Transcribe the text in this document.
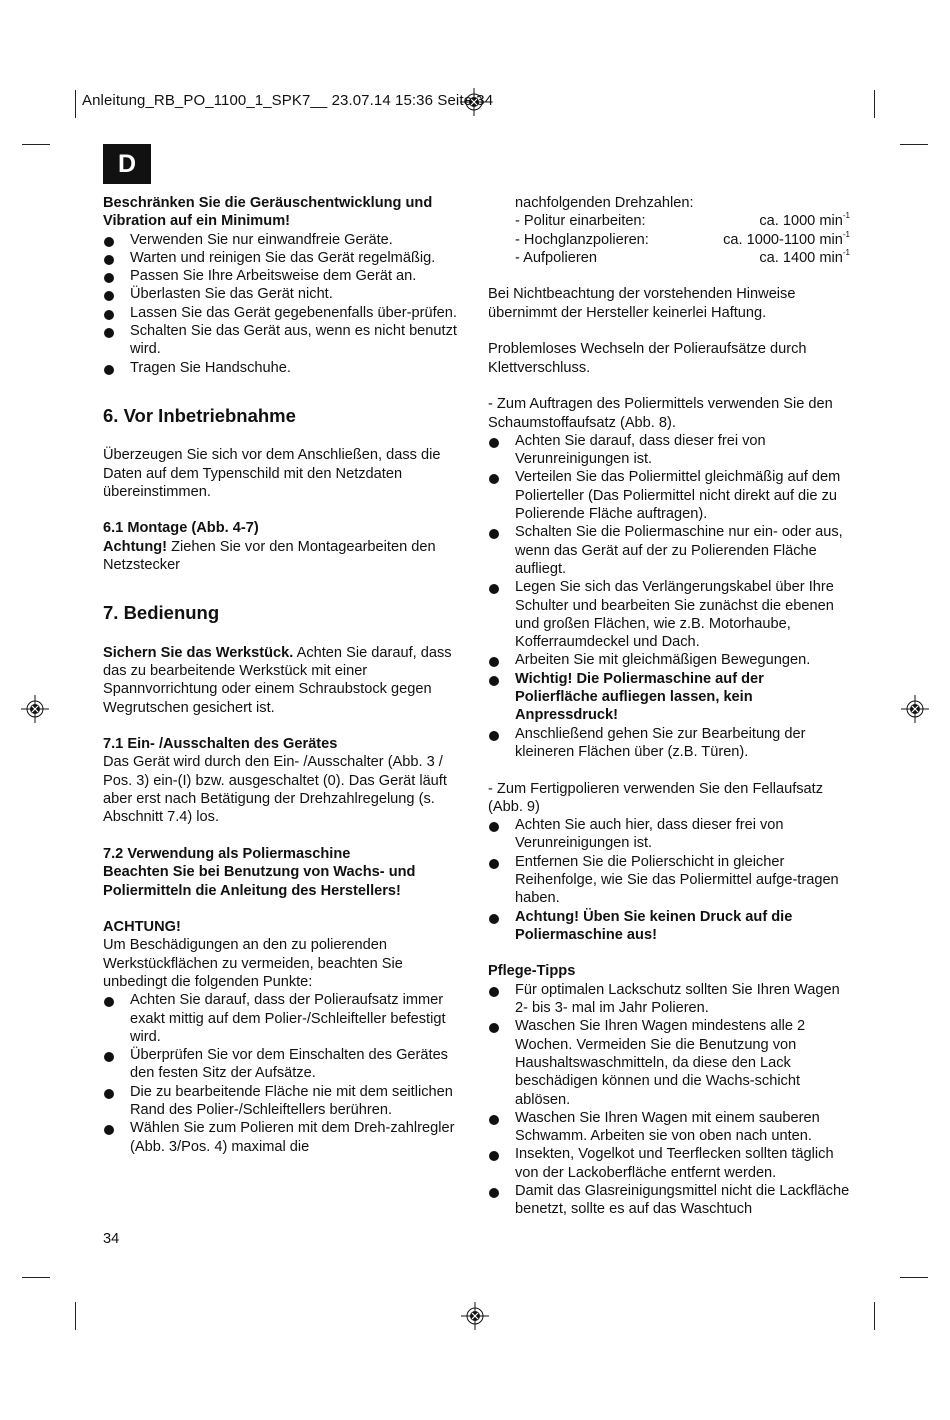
Anleitung_RB_PO_1100_1_SPK7__ 23.07.14 15:36 Seite 34
D

Beschränken Sie die Geräuschentwicklung und Vibration auf ein Minimum!

Verwenden Sie nur einwandfreie Geräte.
Warten und reinigen Sie das Gerät regelmäßig.
Passen Sie Ihre Arbeitsweise dem Gerät an.
Überlasten Sie das Gerät nicht.
Lassen Sie das Gerät gegebenenfalls über-prüfen.
Schalten Sie das Gerät aus, wenn es nicht benutzt wird.
Tragen Sie Handschuhe.
6. Vor Inbetriebnahme

Überzeugen Sie sich vor dem Anschließen, dass die Daten auf dem Typenschild mit den Netzdaten übereinstimmen.

6.1 Montage (Abb. 4-7)

Achtung! Ziehen Sie vor den Montagearbeiten den Netzstecker

7. Bedienung

Sichern Sie das Werkstück. Achten Sie darauf, dass das zu bearbeitende Werkstück mit einer Spannvorrichtung oder einem Schraubstock gegen Wegrutschen gesichert ist.

7.1 Ein- /Ausschalten des Gerätes

Das Gerät wird durch den Ein- /Ausschalter (Abb. 3 / Pos. 3) ein-(I) bzw. ausgeschaltet (0). Das Gerät läuft aber erst nach Betätigung der Drehzahlregelung (s. Abschnitt 7.4) los.

7.2 Verwendung als Poliermaschine

Beachten Sie bei Benutzung von Wachs- und Poliermitteln die Anleitung des Herstellers!

ACHTUNG!

Um Beschädigungen an den zu polierenden Werkstückflächen zu vermeiden, beachten Sie unbedingt die folgenden Punkte:

Achten Sie darauf, dass der Polieraufsatz immer exakt mittig auf dem Polier-/Schleifteller befestigt wird.
Überprüfen Sie vor dem Einschalten des Gerätes den festen Sitz der Aufsätze.
Die zu bearbeitende Fläche nie mit dem seitlichen Rand des Polier-/Schleiftellers berühren.
Wählen Sie zum Polieren mit dem Dreh-zahlregler (Abb. 3/Pos. 4) maximal die

nachfolgenden Drehzahlen:

- Politur einarbeiten:	ca. 1000 $\min^{-1}$
- Hochglanzpolieren:	ca. 1000-1100 $\min^{-1}$
- Aufpolieren	ca. 1400 $\min^{-1}$

Bei Nichtbeachtung der vorstehenden Hinweise übernimmt der Hersteller keinerlei Haftung.

Problemloses Wechseln der Polieraufsätze durch Klettverschluss.

- Zum Auftragen des Poliermittels verwenden Sie den Schaumstoffaufsatz (Abb. 8).

Achten Sie darauf, dass dieser frei von Verunreinigungen ist.
Verteilen Sie das Poliermittel gleichmäßig auf dem Polierteller (Das Poliermittel nicht direkt auf die zu Polierende Fläche auftragen).
Schalten Sie die Poliermaschine nur ein- oder aus, wenn das Gerät auf der zu Polierenden Fläche aufliegt.
Legen Sie sich das Verlängerungskabel über Ihre Schulter und bearbeiten Sie zunächst die ebenen und großen Flächen, wie z.B. Motorhaube, Kofferraumdeckel und Dach.
Arbeiten Sie mit gleichmäßigen Bewegungen.
Wichtig! Die Poliermaschine auf der Polierfläche aufliegen lassen, kein Anpressdruck!
Anschließend gehen Sie zur Bearbeitung der kleineren Flächen über (z.B. Türen).

- Zum Fertigpolieren verwenden Sie den Fellaufsatz (Abb. 9)

Achten Sie auch hier, dass dieser frei von Verunreinigungen ist.
Entfernen Sie die Polierschicht in gleicher Reihenfolge, wie Sie das Poliermittel aufge-tragen haben.
Achtung! Üben Sie keinen Druck auf die Poliermaschine aus!

Pflege-Tipps

Für optimalen Lackschutz sollten Sie Ihren Wagen 2- bis 3- mal im Jahr Polieren.
Waschen Sie Ihren Wagen mindestens alle 2 Wochen. Vermeiden Sie die Benutzung von Haushaltswaschmitteln, da diese den Lack beschädigen können und die Wachs-schicht ablösen.
Waschen Sie Ihren Wagen mit einem sauberen Schwamm. Arbeiten sie von oben nach unten.
Insekten, Vogelkot und Teerflecken sollten täglich von der Lackoberfläche entfernt werden.
Damit das Glasreinigungsmittel nicht die Lackfläche benetzt, sollte es auf das Waschtuch
34
